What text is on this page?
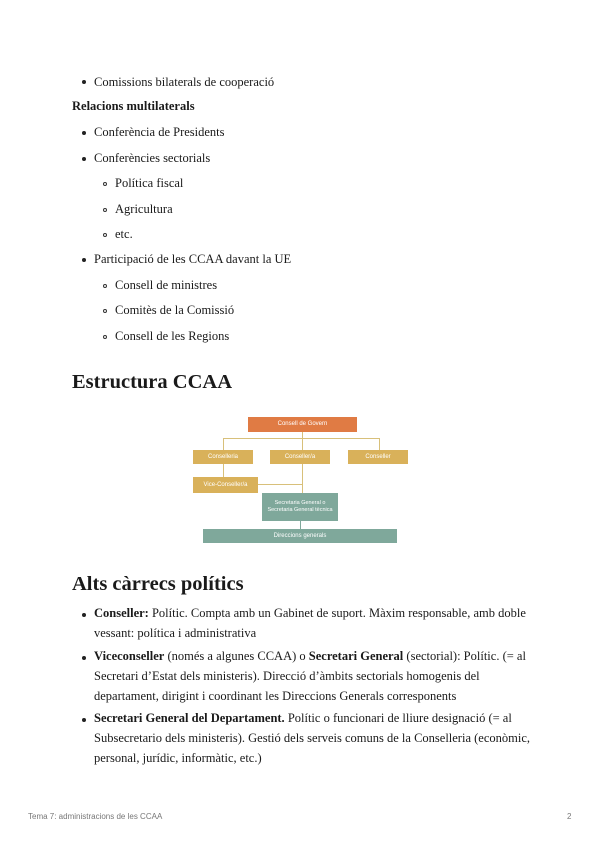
Comissions bilaterals de cooperació
Relacions multilaterals
Conferència de Presidents
Conferències sectorials
Política fiscal
Agricultura
etc.
Participació de les CCAA davant la UE
Consell de ministres
Comitès de la Comissió
Consell de les Regions
Estructura CCAA
Consell de Govern
Conselleria	Conseller/a	Conseller
Vice-Conseller/a
Secretaria General o Secretaria General tècnica
Direccions generals
Alts càrrecs polítics
Conseller: Polític. Compta amb un Gabinet de suport. Màxim responsable, amb doble vessant: política i administrativa
Viceconseller (només a algunes CCAA) o Secretari General (sectorial): Polític. (= al Secretari d’Estat dels ministeris). Direcció d’àmbits sectorials homogenis del departament, dirigint i coordinant les Direccions Generals corresponents
Secretari General del Departament. Polític o funcionari de lliure designació (= al Subsecretario dels ministeris). Gestió dels serveis comuns de la Conselleria (econòmic, personal, jurídic, informàtic, etc.)
Tema 7: administracions de les CCAA	2
